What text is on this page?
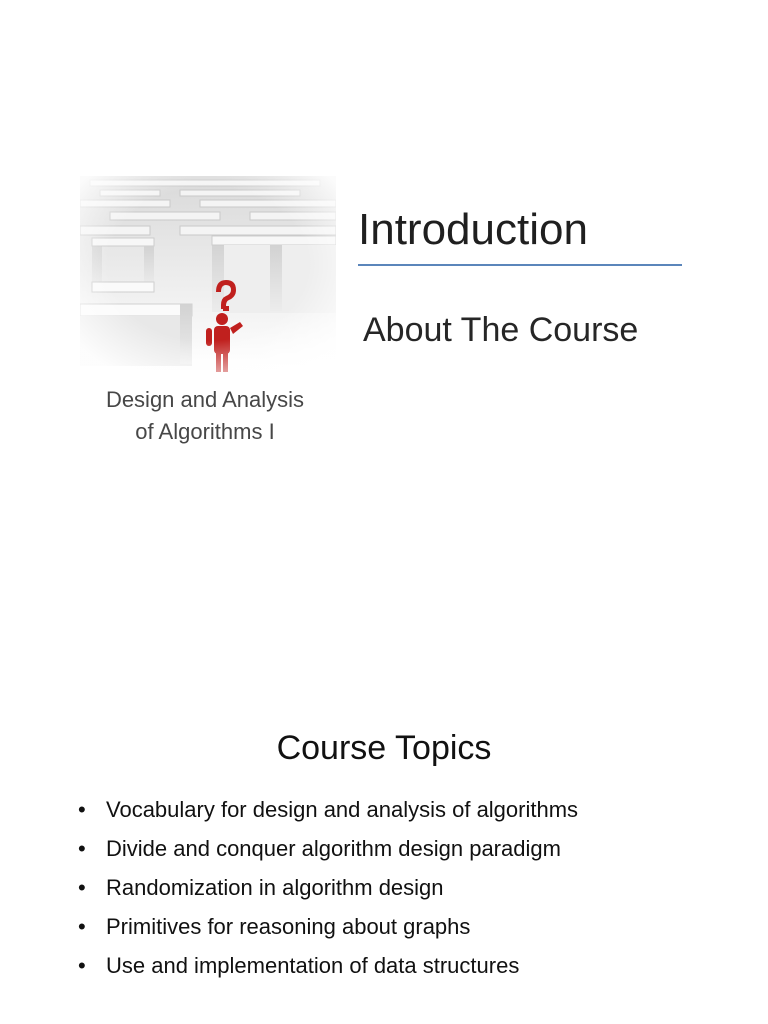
Introduction
About The Course
Design and Analysis
of Algorithms I
Course Topics
• Vocabulary for design and analysis of algorithms
• Divide and conquer algorithm design paradigm
• Randomization in algorithm design
• Primitives for reasoning about graphs
• Use and implementation of data structures
